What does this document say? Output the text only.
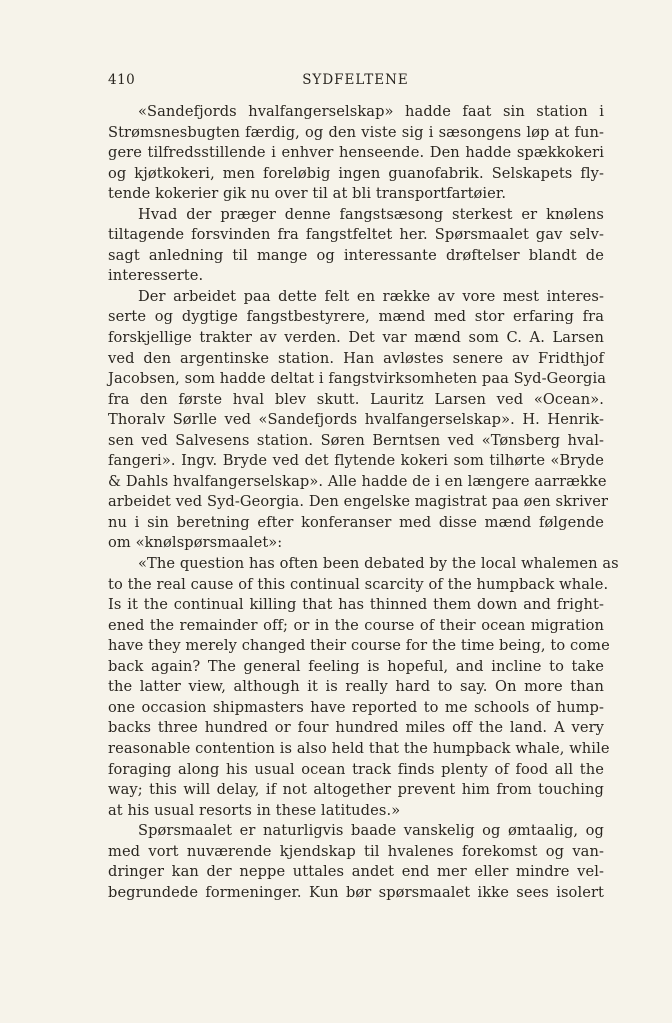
410	SYDFELTENE
«Sandefjords hvalfangerselskap» hadde faat sin station i
Strømsnesbugten færdig, og den viste sig i sæsongens løp at fun-
gere tilfredsstillende i enhver henseende. Den hadde spækkokeri
og kjøtkokeri, men foreløbig ingen guanofabrik. Selskapets fly-
tende kokerier gik nu over til at bli transportfartøier.
Hvad der præger denne fangstsæsong sterkest er knølens
tiltagende forsvinden fra fangstfeltet her. Spørsmaalet gav selv-
sagt anledning til mange og interessante drøftelser blandt de
interesserte.
Der arbeidet paa dette felt en række av vore mest interes-
serte og dygtige fangstbestyrere, mænd med stor erfaring fra
forskjellige trakter av verden. Det var mænd som C. A. Larsen
ved den argentinske station. Han avløstes senere av Fridthjof
Jacobsen, som hadde deltat i fangstvirksomheten paa Syd-Georgia
fra den første hval blev skutt. Lauritz Larsen ved «Ocean».
Thoralv Sørlle ved «Sandefjords hvalfangerselskap». H. Henrik-
sen ved Salvesens station. Søren Berntsen ved «Tønsberg hval-
fangeri». Ingv. Bryde ved det flytende kokeri som tilhørte «Bryde
& Dahls hvalfangerselskap». Alle hadde de i en længere aarrække
arbeidet ved Syd-Georgia. Den engelske magistrat paa øen skriver
nu i sin beretning efter konferanser med disse mænd følgende
om «knølspørsmaalet»:
«The question has often been debated by the local whalemen as
to the real cause of this continual scarcity of the humpback whale.
Is it the continual killing that has thinned them down and fright-
ened the remainder off; or in the course of their ocean migration
have they merely changed their course for the time being, to come
back again? The general feeling is hopeful, and incline to take
the latter view, although it is really hard to say. On more than
one occasion shipmasters have reported to me schools of hump-
backs three hundred or four hundred miles off the land. A very
reasonable contention is also held that the humpback whale, while
foraging along his usual ocean track finds plenty of food all the
way; this will delay, if not altogether prevent him from touching
at his usual resorts in these latitudes.»
Spørsmaalet er naturligvis baade vanskelig og ømtaalig, og
med vort nuværende kjendskap til hvalenes forekomst og van-
dringer kan der neppe uttales andet end mer eller mindre vel-
begrundede formeninger. Kun bør spørsmaalet ikke sees isolert
